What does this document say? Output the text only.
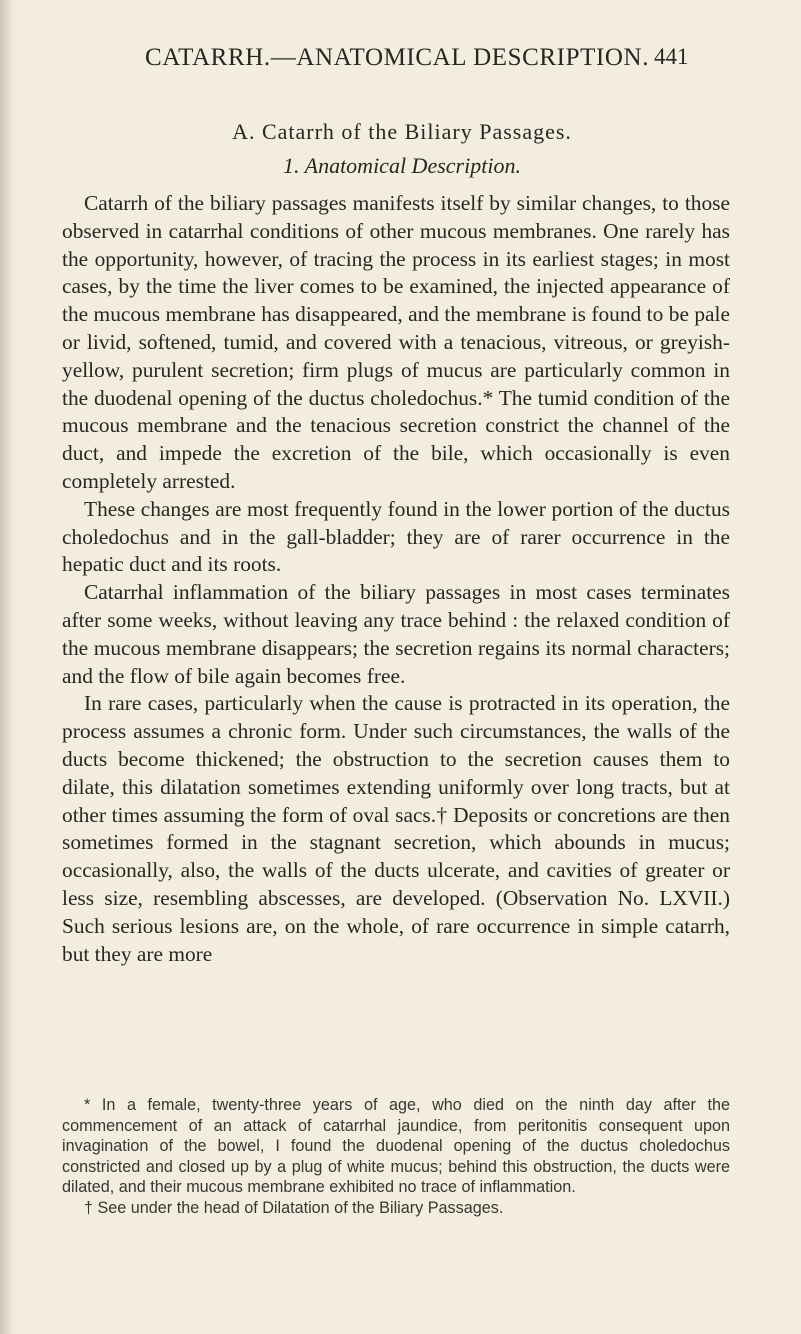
CATARRH.—ANATOMICAL DESCRIPTION. 441
A. Catarrh of the Biliary Passages.
1. Anatomical Description.

Catarrh of the biliary passages manifests itself by similar changes, to those observed in catarrhal conditions of other mucous membranes. One rarely has the opportunity, however, of tracing the process in its earliest stages; in most cases, by the time the liver comes to be examined, the injected appearance of the mucous membrane has disappeared, and the membrane is found to be pale or livid, softened, tumid, and covered with a tenacious, vitreous, or greyish-yellow, purulent secretion; firm plugs of mucus are particularly common in the duodenal opening of the ductus choledochus.* The tumid condition of the mucous membrane and the tenacious secretion constrict the channel of the duct, and impede the excretion of the bile, which occasionally is even completely arrested.

These changes are most frequently found in the lower portion of the ductus choledochus and in the gall-bladder; they are of rarer occurrence in the hepatic duct and its roots.

Catarrhal inflammation of the biliary passages in most cases terminates after some weeks, without leaving any trace behind : the relaxed condition of the mucous membrane disappears; the secretion regains its normal characters; and the flow of bile again becomes free.

In rare cases, particularly when the cause is protracted in its operation, the process assumes a chronic form. Under such circumstances, the walls of the ducts become thickened; the obstruction to the secretion causes them to dilate, this dilatation sometimes extending uniformly over long tracts, but at other times assuming the form of oval sacs.† Deposits or concretions are then sometimes formed in the stagnant secretion, which abounds in mucus; occasionally, also, the walls of the ducts ulcerate, and cavities of greater or less size, resembling abscesses, are developed. (Observation No. LXVII.) Such serious lesions are, on the whole, of rare occurrence in simple catarrh, but they are more

* In a female, twenty-three years of age, who died on the ninth day after the commencement of an attack of catarrhal jaundice, from peritonitis consequent upon invagination of the bowel, I found the duodenal opening of the ductus choledochus constricted and closed up by a plug of white mucus; behind this obstruction, the ducts were dilated, and their mucous membrane exhibited no trace of inflammation.

† See under the head of Dilatation of the Biliary Passages.
